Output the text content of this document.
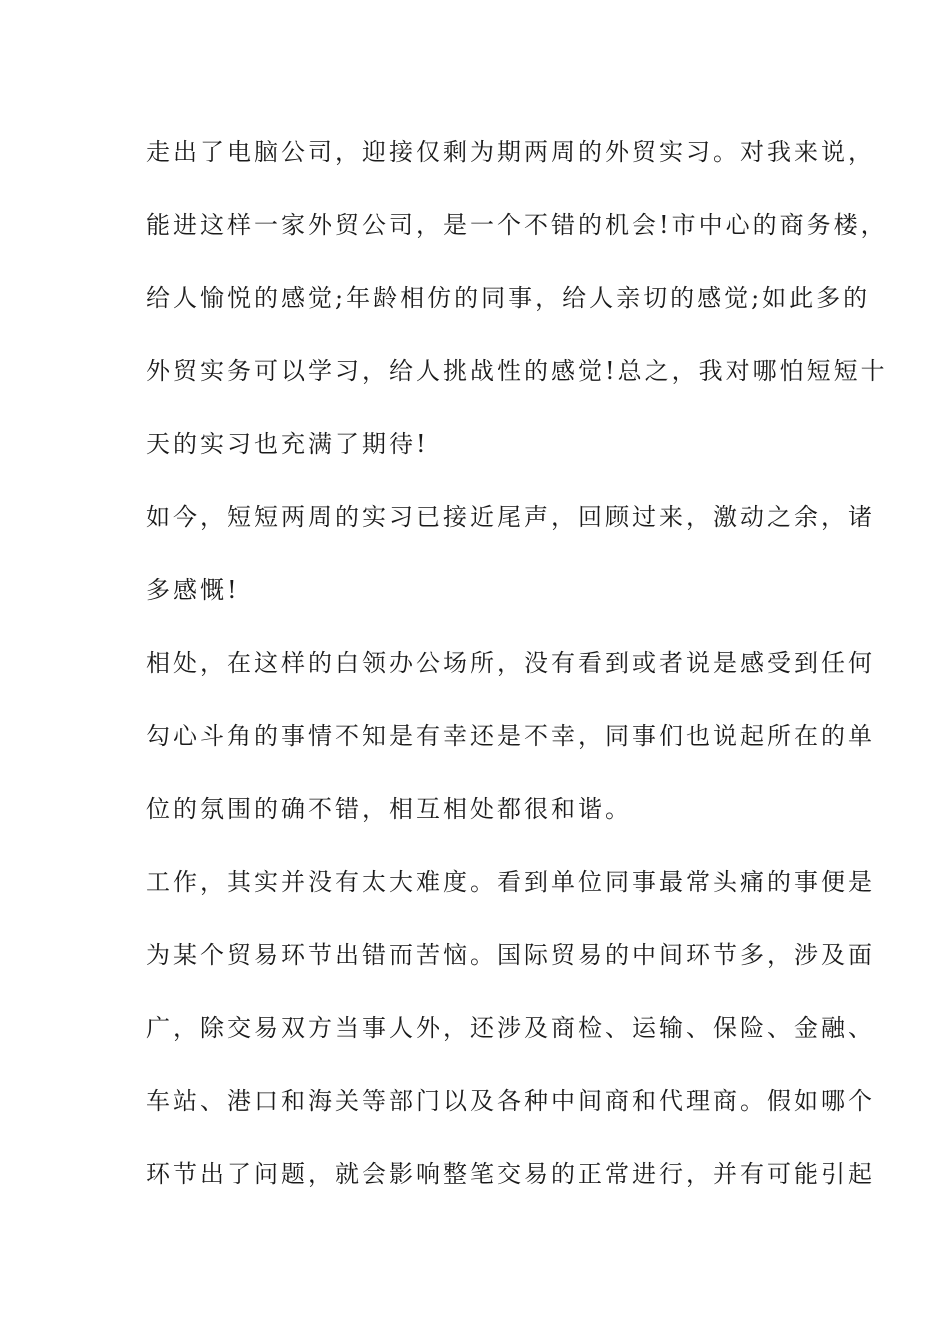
走出了电脑公司，迎接仅剩为期两周的外贸实习。对我来说，
能进这样一家外贸公司，是一个不错的机会!市中心的商务楼，
给人愉悦的感觉;年龄相仿的同事，给人亲切的感觉;如此多的
外贸实务可以学习，给人挑战性的感觉!总之，我对哪怕短短十
天的实习也充满了期待!
如今，短短两周的实习已接近尾声，回顾过来，激动之余，诸
多感慨!
相处，在这样的白领办公场所，没有看到或者说是感受到任何
勾心斗角的事情不知是有幸还是不幸，同事们也说起所在的单
位的氛围的确不错，相互相处都很和谐。
工作，其实并没有太大难度。看到单位同事最常头痛的事便是
为某个贸易环节出错而苦恼。国际贸易的中间环节多，涉及面
广，除交易双方当事人外，还涉及商检、运输、保险、金融、
车站、港口和海关等部门以及各种中间商和代理商。假如哪个
环节出了问题，就会影响整笔交易的正常进行，并有可能引起
